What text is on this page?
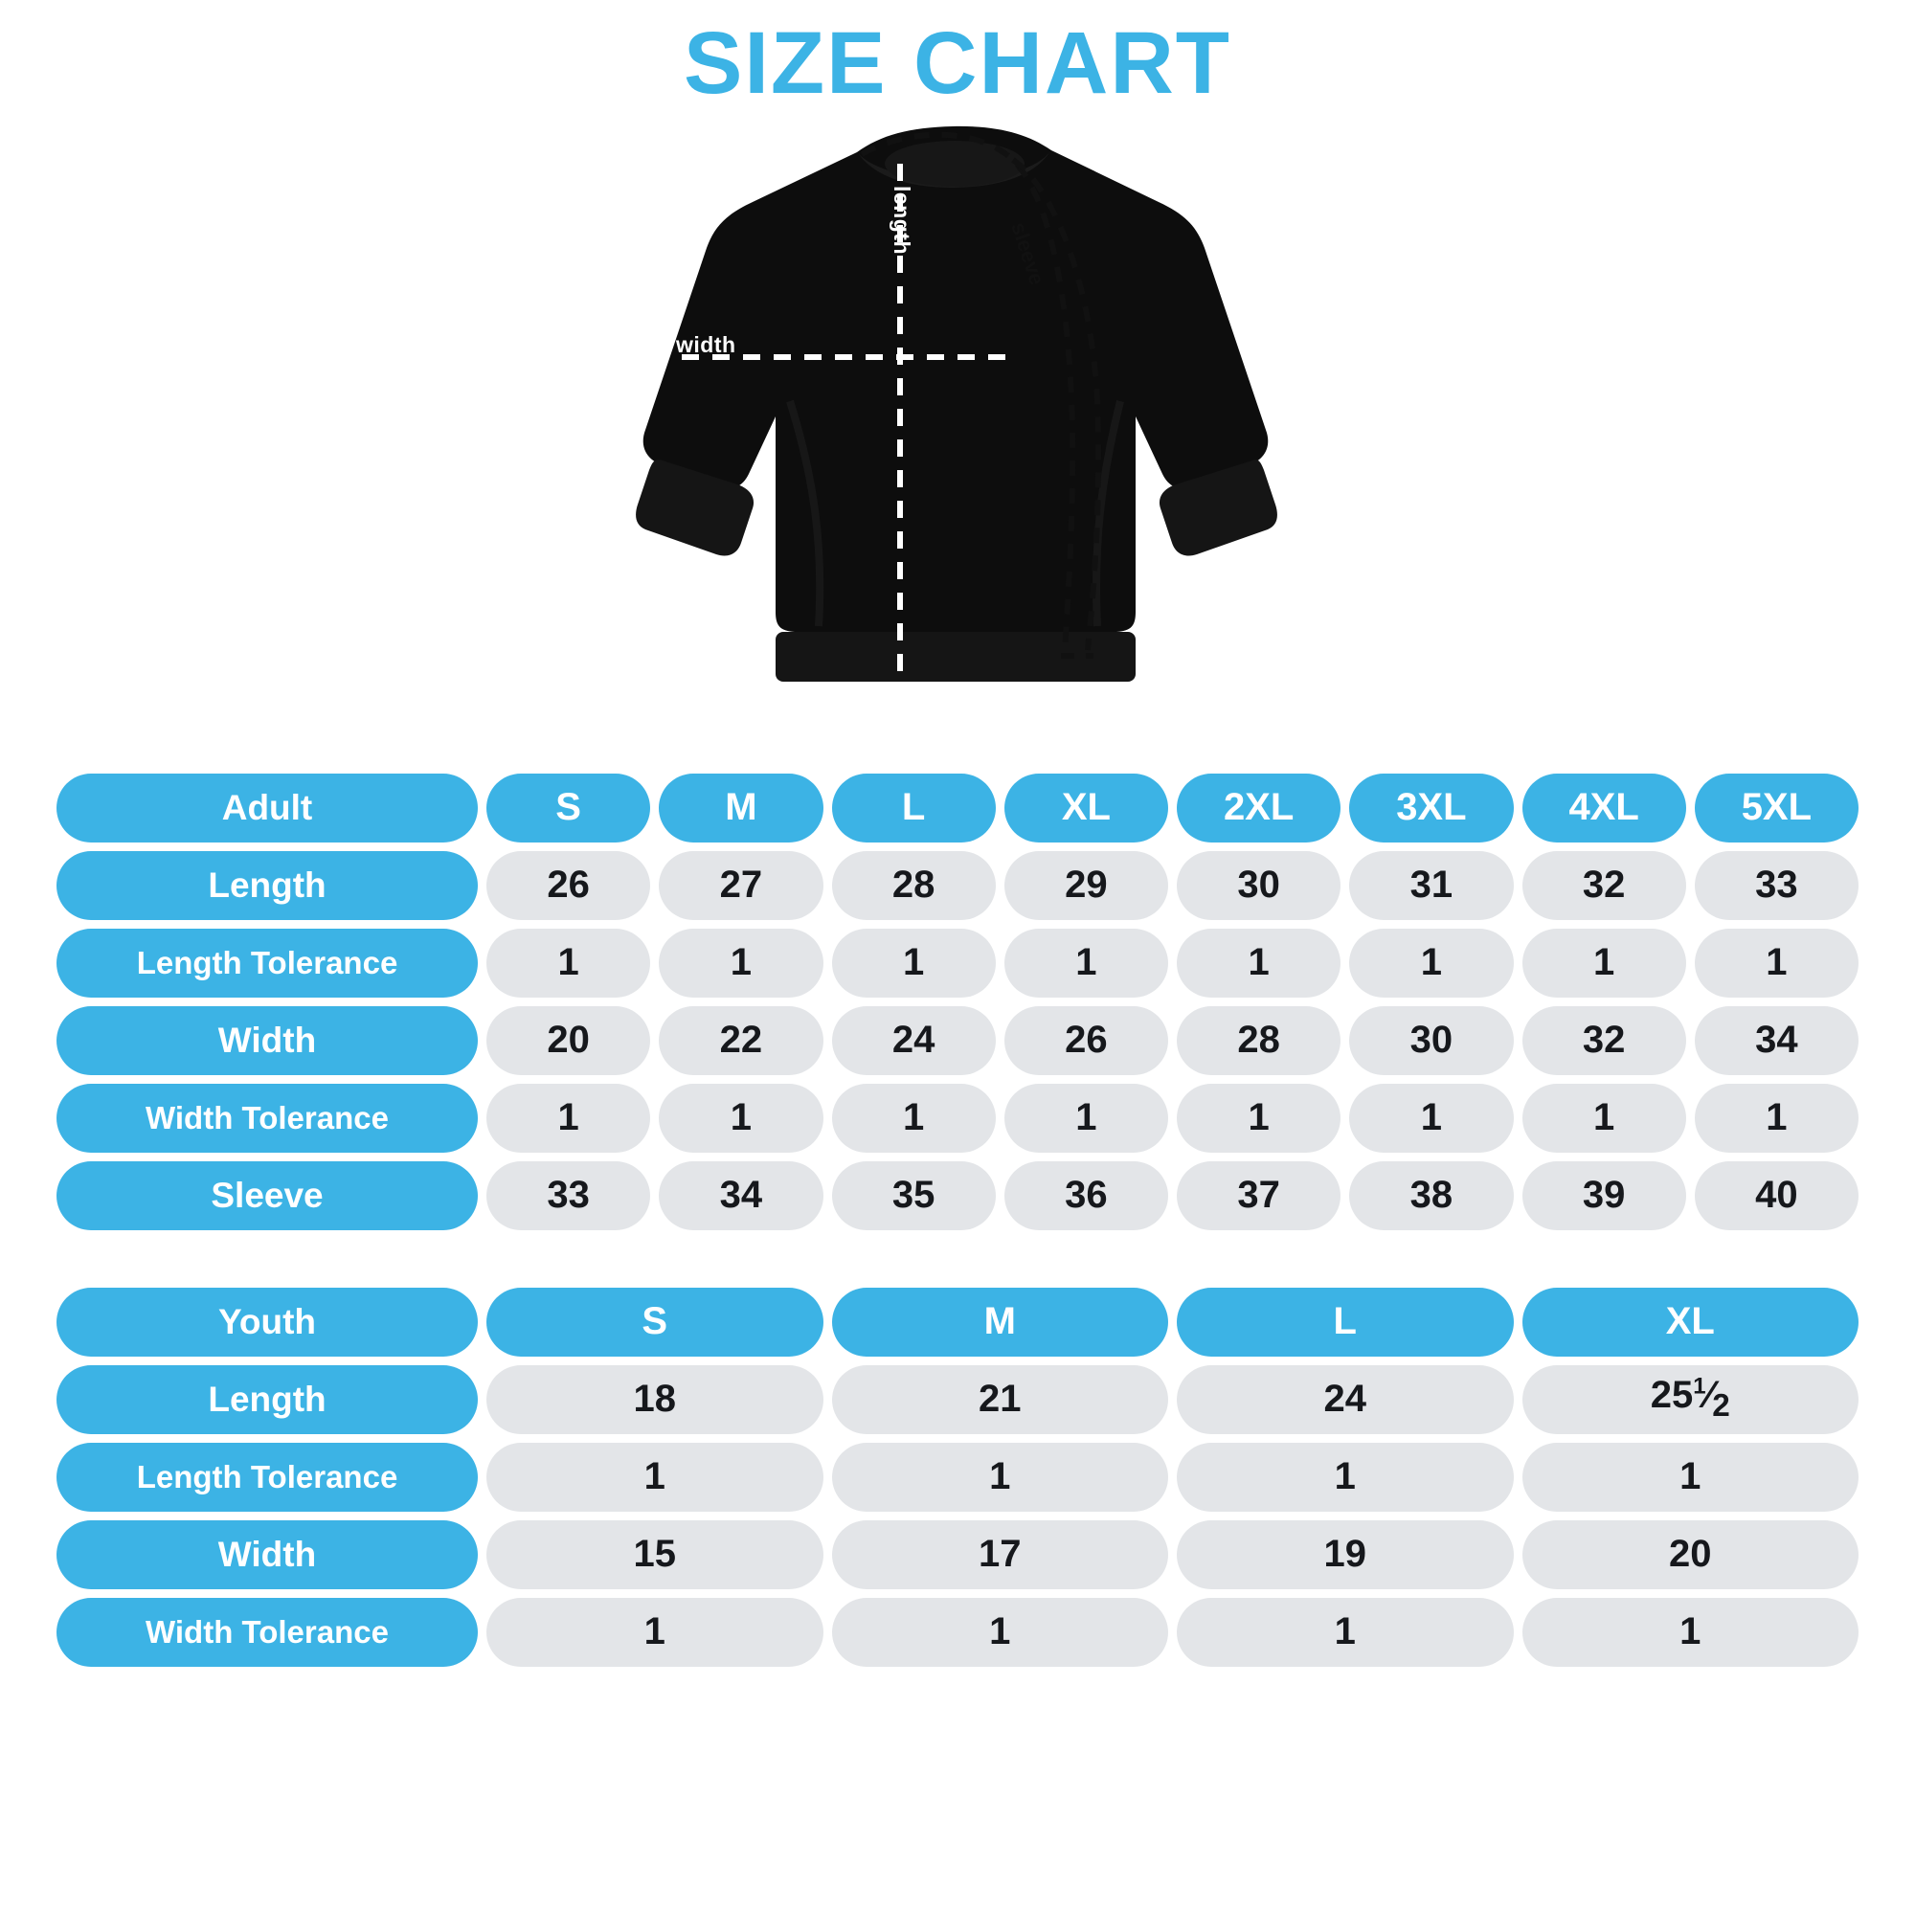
SIZE CHART
width
length	sleeve
Adult	S	M	L	XL	2XL	3XL	4XL	5XL
Length	26	27	28	29	30	31	32	33
Length Tolerance	1	1	1	1	1	1	1	1
Width	20	22	24	26	28	30	32	34
Width Tolerance	1	1	1	1	1	1	1	1
Sleeve	33	34	35	36	37	38	39	40
Youth	S	M	L	XL
Length	18	21	24	$25^1⁄_2$
Length Tolerance	1	1	1	1
Width	15	17	19	20
Width Tolerance	1	1	1	1
